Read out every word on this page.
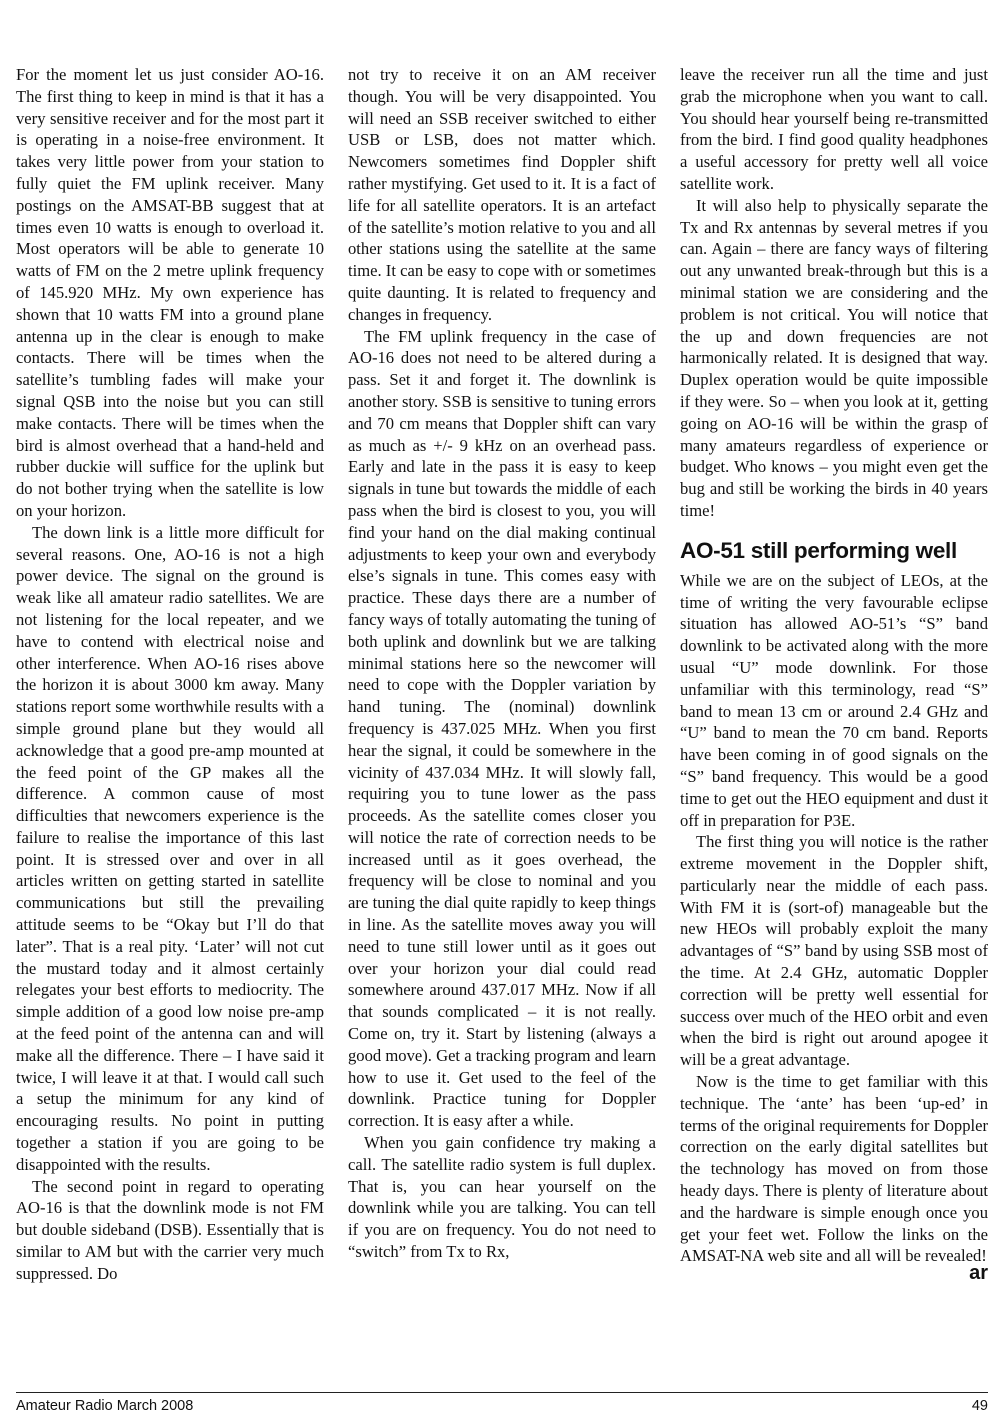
For the moment let us just consider AO-16. The first thing to keep in mind is that it has a very sensitive receiver and for the most part it is operating in a noise-free environment. It takes very little power from your station to fully quiet the FM uplink receiver. Many postings on the AMSAT-BB suggest that at times even 10 watts is enough to overload it. Most operators will be able to generate 10 watts of FM on the 2 metre uplink frequency of 145.920 MHz. My own experience has shown that 10 watts FM into a ground plane antenna up in the clear is enough to make contacts. There will be times when the satellite’s tumbling fades will make your signal QSB into the noise but you can still make contacts. There will be times when the bird is almost overhead that a hand-held and rubber duckie will suffice for the uplink but do not bother trying when the satellite is low on your horizon.

The down link is a little more difficult for several reasons. One, AO-16 is not a high power device. The signal on the ground is weak like all amateur radio satellites. We are not listening for the local repeater, and we have to contend with electrical noise and other interference. When AO-16 rises above the horizon it is about 3000 km away. Many stations report some worthwhile results with a simple ground plane but they would all acknowledge that a good pre-amp mounted at the feed point of the GP makes all the difference. A common cause of most difficulties that newcomers experience is the failure to realise the importance of this last point. It is stressed over and over in all articles written on getting started in satellite communications but still the prevailing attitude seems to be “Okay but I’ll do that later”. That is a real pity. ‘Later’ will not cut the mustard today and it almost certainly relegates your best efforts to mediocrity. The simple addition of a good low noise pre-amp at the feed point of the antenna can and will make all the difference. There – I have said it twice, I will leave it at that. I would call such a setup the minimum for any kind of encouraging results. No point in putting together a station if you are going to be disappointed with the results.

The second point in regard to operating AO-16 is that the downlink mode is not FM but double sideband (DSB). Essentially that is similar to AM but with the carrier very much suppressed. Do

not try to receive it on an AM receiver though. You will be very disappointed. You will need an SSB receiver switched to either USB or LSB, does not matter which. Newcomers sometimes find Doppler shift rather mystifying. Get used to it. It is a fact of life for all satellite operators. It is an artefact of the satellite’s motion relative to you and all other stations using the satellite at the same time. It can be easy to cope with or sometimes quite daunting. It is related to frequency and changes in frequency.

The FM uplink frequency in the case of AO-16 does not need to be altered during a pass. Set it and forget it. The downlink is another story. SSB is sensitive to tuning errors and 70 cm means that Doppler shift can vary as much as +/- 9 kHz on an overhead pass. Early and late in the pass it is easy to keep signals in tune but towards the middle of each pass when the bird is closest to you, you will find your hand on the dial making continual adjustments to keep your own and everybody else’s signals in tune. This comes easy with practice. These days there are a number of fancy ways of totally automating the tuning of both uplink and downlink but we are talking minimal stations here so the newcomer will need to cope with the Doppler variation by hand tuning. The (nominal) downlink frequency is 437.025 MHz. When you first hear the signal, it could be somewhere in the vicinity of 437.034 MHz. It will slowly fall, requiring you to tune lower as the pass proceeds. As the satellite comes closer you will notice the rate of correction needs to be increased until as it goes overhead, the frequency will be close to nominal and you are tuning the dial quite rapidly to keep things in line. As the satellite moves away you will need to tune still lower until as it goes out over your horizon your dial could read somewhere around 437.017 MHz. Now if all that sounds complicated – it is not really. Come on, try it. Start by listening (always a good move). Get a tracking program and learn how to use it. Get used to the feel of the downlink. Practice tuning for Doppler correction. It is easy after a while.

When you gain confidence try making a call. The satellite radio system is full duplex. That is, you can hear yourself on the downlink while you are talking. You can tell if you are on frequency. You do not need to “switch” from Tx to Rx,

leave the receiver run all the time and just grab the microphone when you want to call. You should hear yourself being re-transmitted from the bird. I find good quality headphones a useful accessory for pretty well all voice satellite work.

It will also help to physically separate the Tx and Rx antennas by several metres if you can. Again – there are fancy ways of filtering out any unwanted break-through but this is a minimal station we are considering and the problem is not critical. You will notice that the up and down frequencies are not harmonically related. It is designed that way. Duplex operation would be quite impossible if they were. So – when you look at it, getting going on AO-16 will be within the grasp of many amateurs regardless of experience or budget. Who knows – you might even get the bug and still be working the birds in 40 years time!

AO-51 still performing well

While we are on the subject of LEOs, at the time of writing the very favourable eclipse situation has allowed AO-51’s “S” band downlink to be activated along with the more usual “U” mode downlink. For those unfamiliar with this terminology, read “S” band to mean 13 cm or around 2.4 GHz and “U” band to mean the 70 cm band. Reports have been coming in of good signals on the “S” band frequency. This would be a good time to get out the HEO equipment and dust it off in preparation for P3E.

The first thing you will notice is the rather extreme movement in the Doppler shift, particularly near the middle of each pass. With FM it is (sort-of) manageable but the new HEOs will probably exploit the many advantages of “S” band by using SSB most of the time. At 2.4 GHz, automatic Doppler correction will be pretty well essential for success over much of the HEO orbit and even when the bird is right out around apogee it will be a great advantage.

Now is the time to get familiar with this technique. The ‘ante’ has been ‘up-ed’ in terms of the original requirements for Doppler correction on the early digital satellites but the technology has moved on from those heady days. There is plenty of literature about and the hardware is simple enough once you get your feet wet. Follow the links on the AMSAT-NA web site and all will be revealed!

ar
Amateur Radio March 2008	49
